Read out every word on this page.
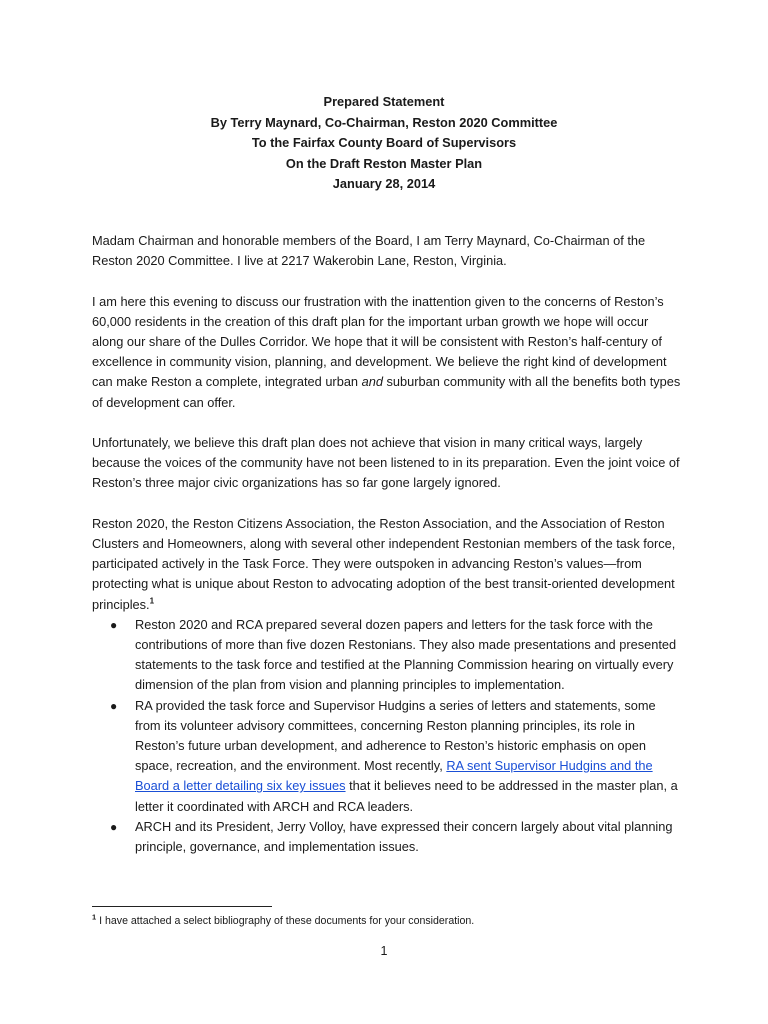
Prepared Statement
By Terry Maynard, Co-Chairman, Reston 2020 Committee
To the Fairfax County Board of Supervisors
On the Draft Reston Master Plan
January 28, 2014

Madam Chairman and honorable members of the Board, I am Terry Maynard, Co-Chairman of the Reston 2020 Committee. I live at 2217 Wakerobin Lane, Reston, Virginia.

I am here this evening to discuss our frustration with the inattention given to the concerns of Reston’s 60,000 residents in the creation of this draft plan for the important urban growth we hope will occur along our share of the Dulles Corridor. We hope that it will be consistent with Reston’s half-century of excellence in community vision, planning, and development. We believe the right kind of development can make Reston a complete, integrated urban and suburban community with all the benefits both types of development can offer.

Unfortunately, we believe this draft plan does not achieve that vision in many critical ways, largely because the voices of the community have not been listened to in its preparation. Even the joint voice of Reston’s three major civic organizations has so far gone largely ignored.

Reston 2020, the Reston Citizens Association, the Reston Association, and the Association of Reston Clusters and Homeowners, along with several other independent Restonian members of the task force, participated actively in the Task Force. They were outspoken in advancing Reston’s values—from protecting what is unique about Reston to advocating adoption of the best transit-oriented development principles.$^1$

● Reston 2020 and RCA prepared several dozen papers and letters for the task force with the contributions of more than five dozen Restonians. They also made presentations and presented statements to the task force and testified at the Planning Commission hearing on virtually every dimension of the plan from vision and planning principles to implementation.
● RA provided the task force and Supervisor Hudgins a series of letters and statements, some from its volunteer advisory committees, concerning Reston planning principles, its role in Reston’s future urban development, and adherence to Reston’s historic emphasis on open space, recreation, and the environment. Most recently, RA sent Supervisor Hudgins and the Board a letter detailing six key issues that it believes need to be addressed in the master plan, a letter it coordinated with ARCH and RCA leaders.
● ARCH and its President, Jerry Volloy, have expressed their concern largely about vital planning principle, governance, and implementation issues.
$^1$ I have attached a select bibliography of these documents for your consideration.
1
